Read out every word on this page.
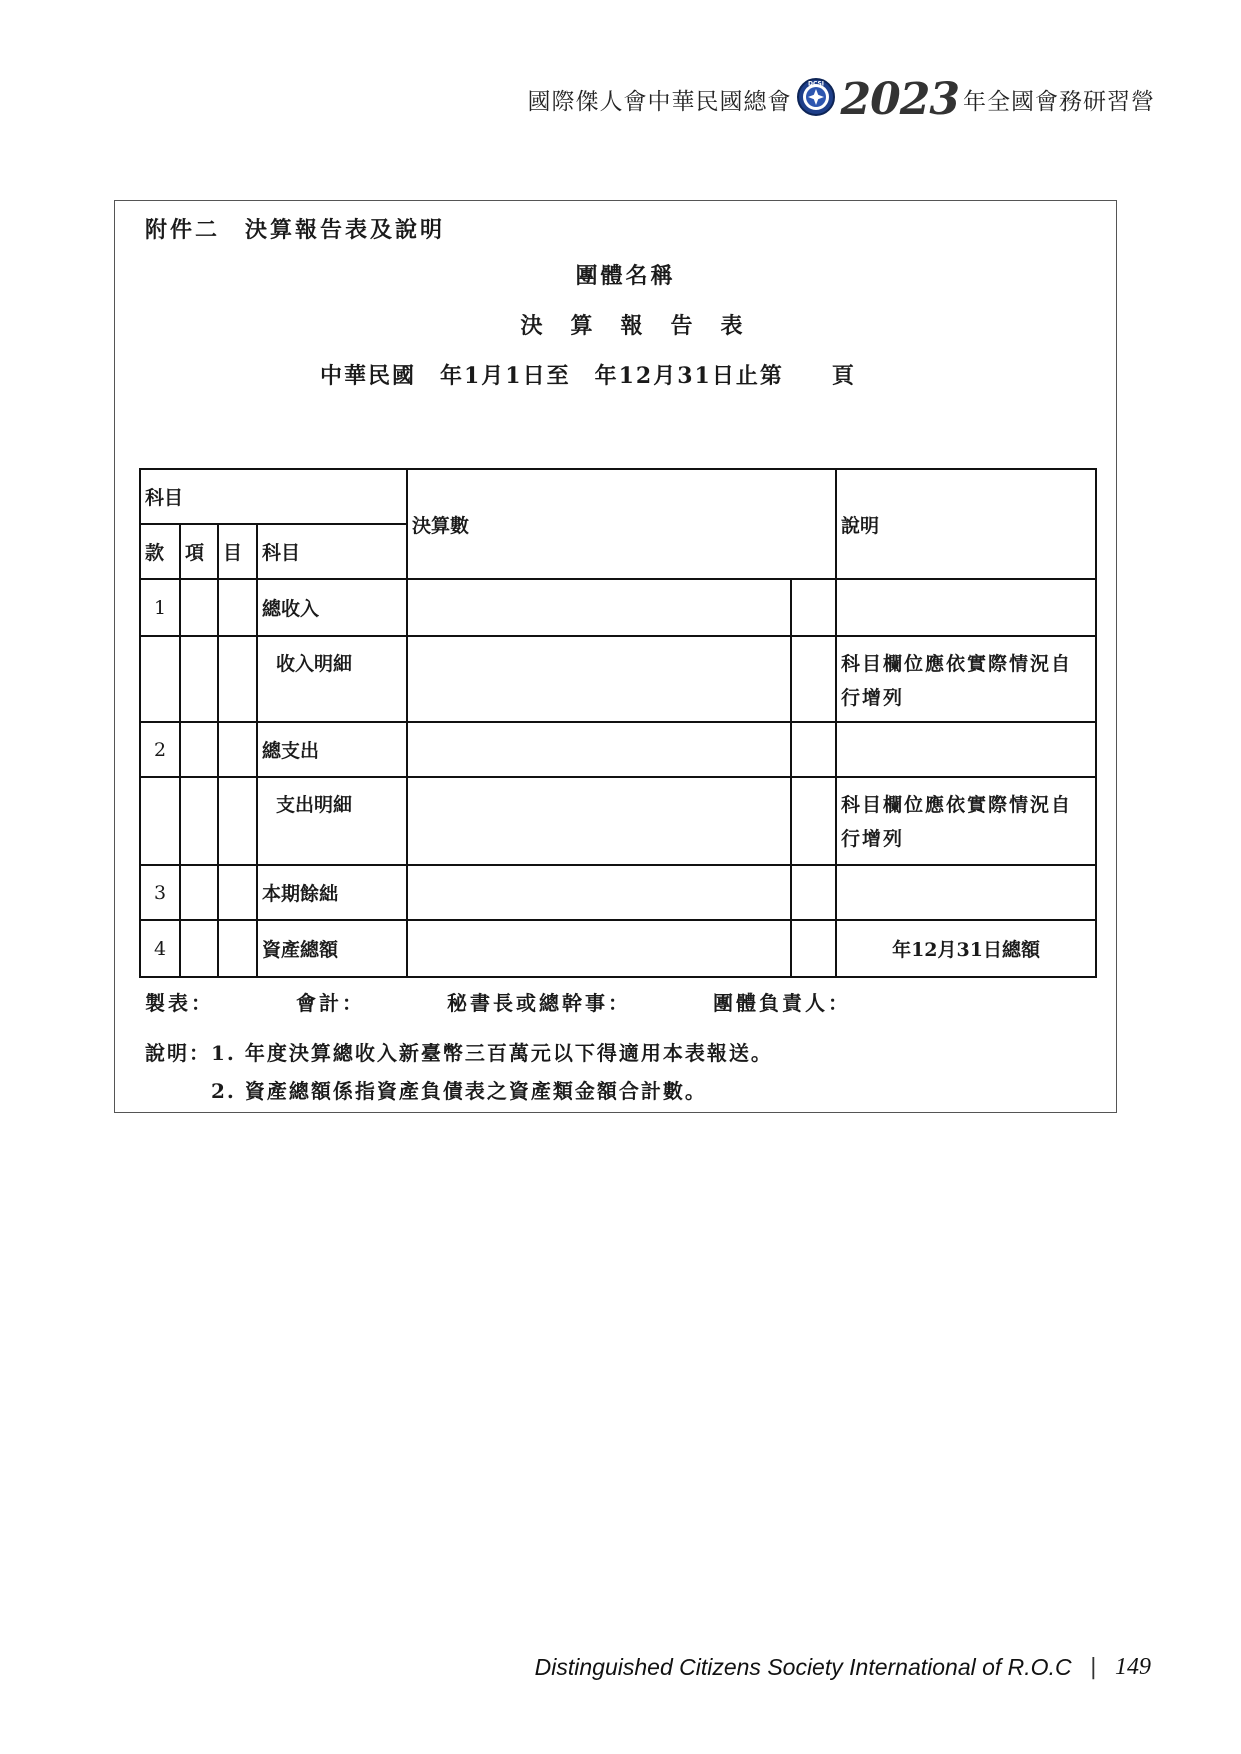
國際傑人會中華民國總會
DCSI 2023 年全國會務研習營
附件二　決算報告表及說明
團體名稱
決算報告表
中華民國　年1月1日至　年12月31日止第　　頁
科目				決算數		說明
款	項	目	科目			
1			總收入			
			收入明細			科目欄位應依實際情況自行增列
2			總支出			
			支出明細			科目欄位應依實際情況自行增列
3			本期餘絀			
4			資產總額			年12月31日總額
製表：　　　　會計：　　　　秘書長或總幹事：　　　　團體負責人：
說明：1. 年度決算總收入新臺幣三百萬元以下得適用本表報送。
　　　2. 資產總額係指資產負債表之資產類金額合計數。
Distinguished Citizens Society International of R.O.C | 149
